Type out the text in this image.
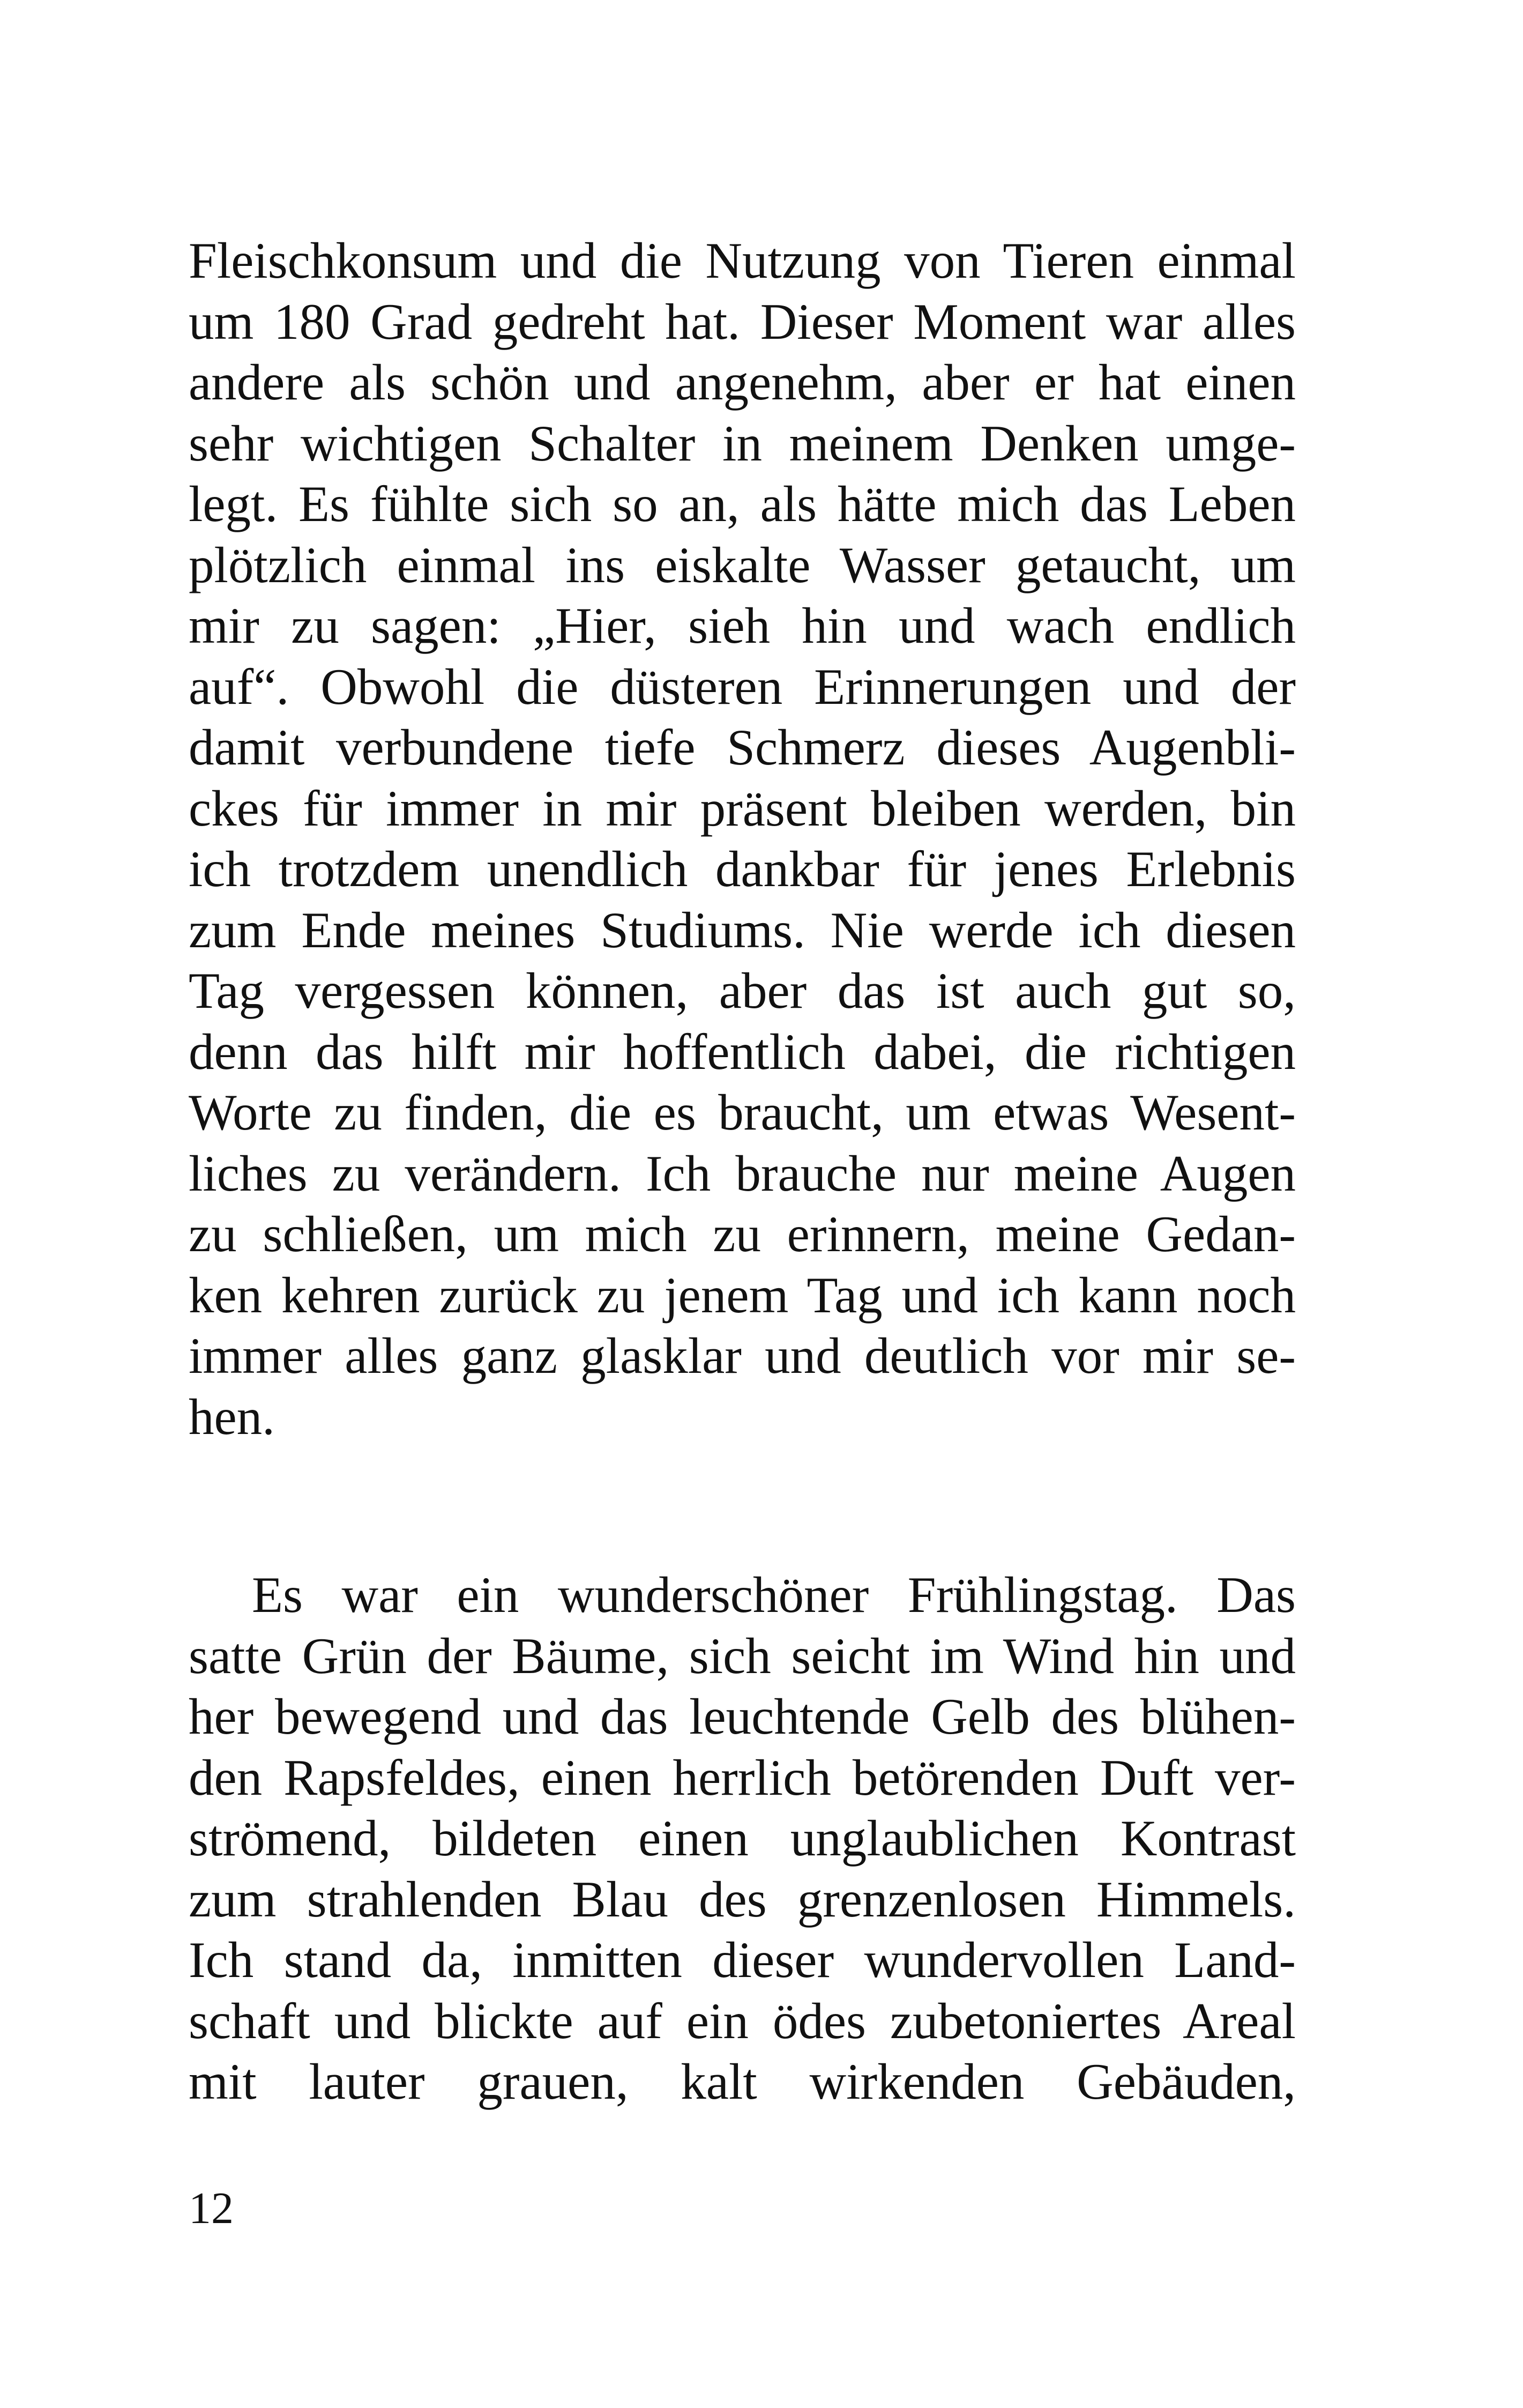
Fleischkonsum und die Nutzung von Tieren einmal
um 180 Grad gedreht hat. Dieser Moment war alles
andere als schön und angenehm, aber er hat einen
sehr wichtigen Schalter in meinem Denken umge-
legt. Es fühlte sich so an, als hätte mich das Leben
plötzlich einmal ins eiskalte Wasser getaucht, um
mir zu sagen: „Hier, sieh hin und wach endlich
auf“. Obwohl die düsteren Erinnerungen und der
damit verbundene tiefe Schmerz dieses Augenbli-
ckes für immer in mir präsent bleiben werden, bin
ich trotzdem unendlich dankbar für jenes Erlebnis
zum Ende meines Studiums. Nie werde ich diesen
Tag vergessen können, aber das ist auch gut so,
denn das hilft mir hoffentlich dabei, die richtigen
Worte zu finden, die es braucht, um etwas Wesent-
liches zu verändern. Ich brauche nur meine Augen
zu schließen, um mich zu erinnern, meine Gedan-
ken kehren zurück zu jenem Tag und ich kann noch
immer alles ganz glasklar und deutlich vor mir se-
hen.
Es war ein wunderschöner Frühlingstag. Das
satte Grün der Bäume, sich seicht im Wind hin und
her bewegend und das leuchtende Gelb des blühen-
den Rapsfeldes, einen herrlich betörenden Duft ver-
strömend, bildeten einen unglaublichen Kontrast
zum strahlenden Blau des grenzenlosen Himmels.
Ich stand da, inmitten dieser wundervollen Land-
schaft und blickte auf ein ödes zubetoniertes Areal
mit lauter grauen, kalt wirkenden Gebäuden,
12
